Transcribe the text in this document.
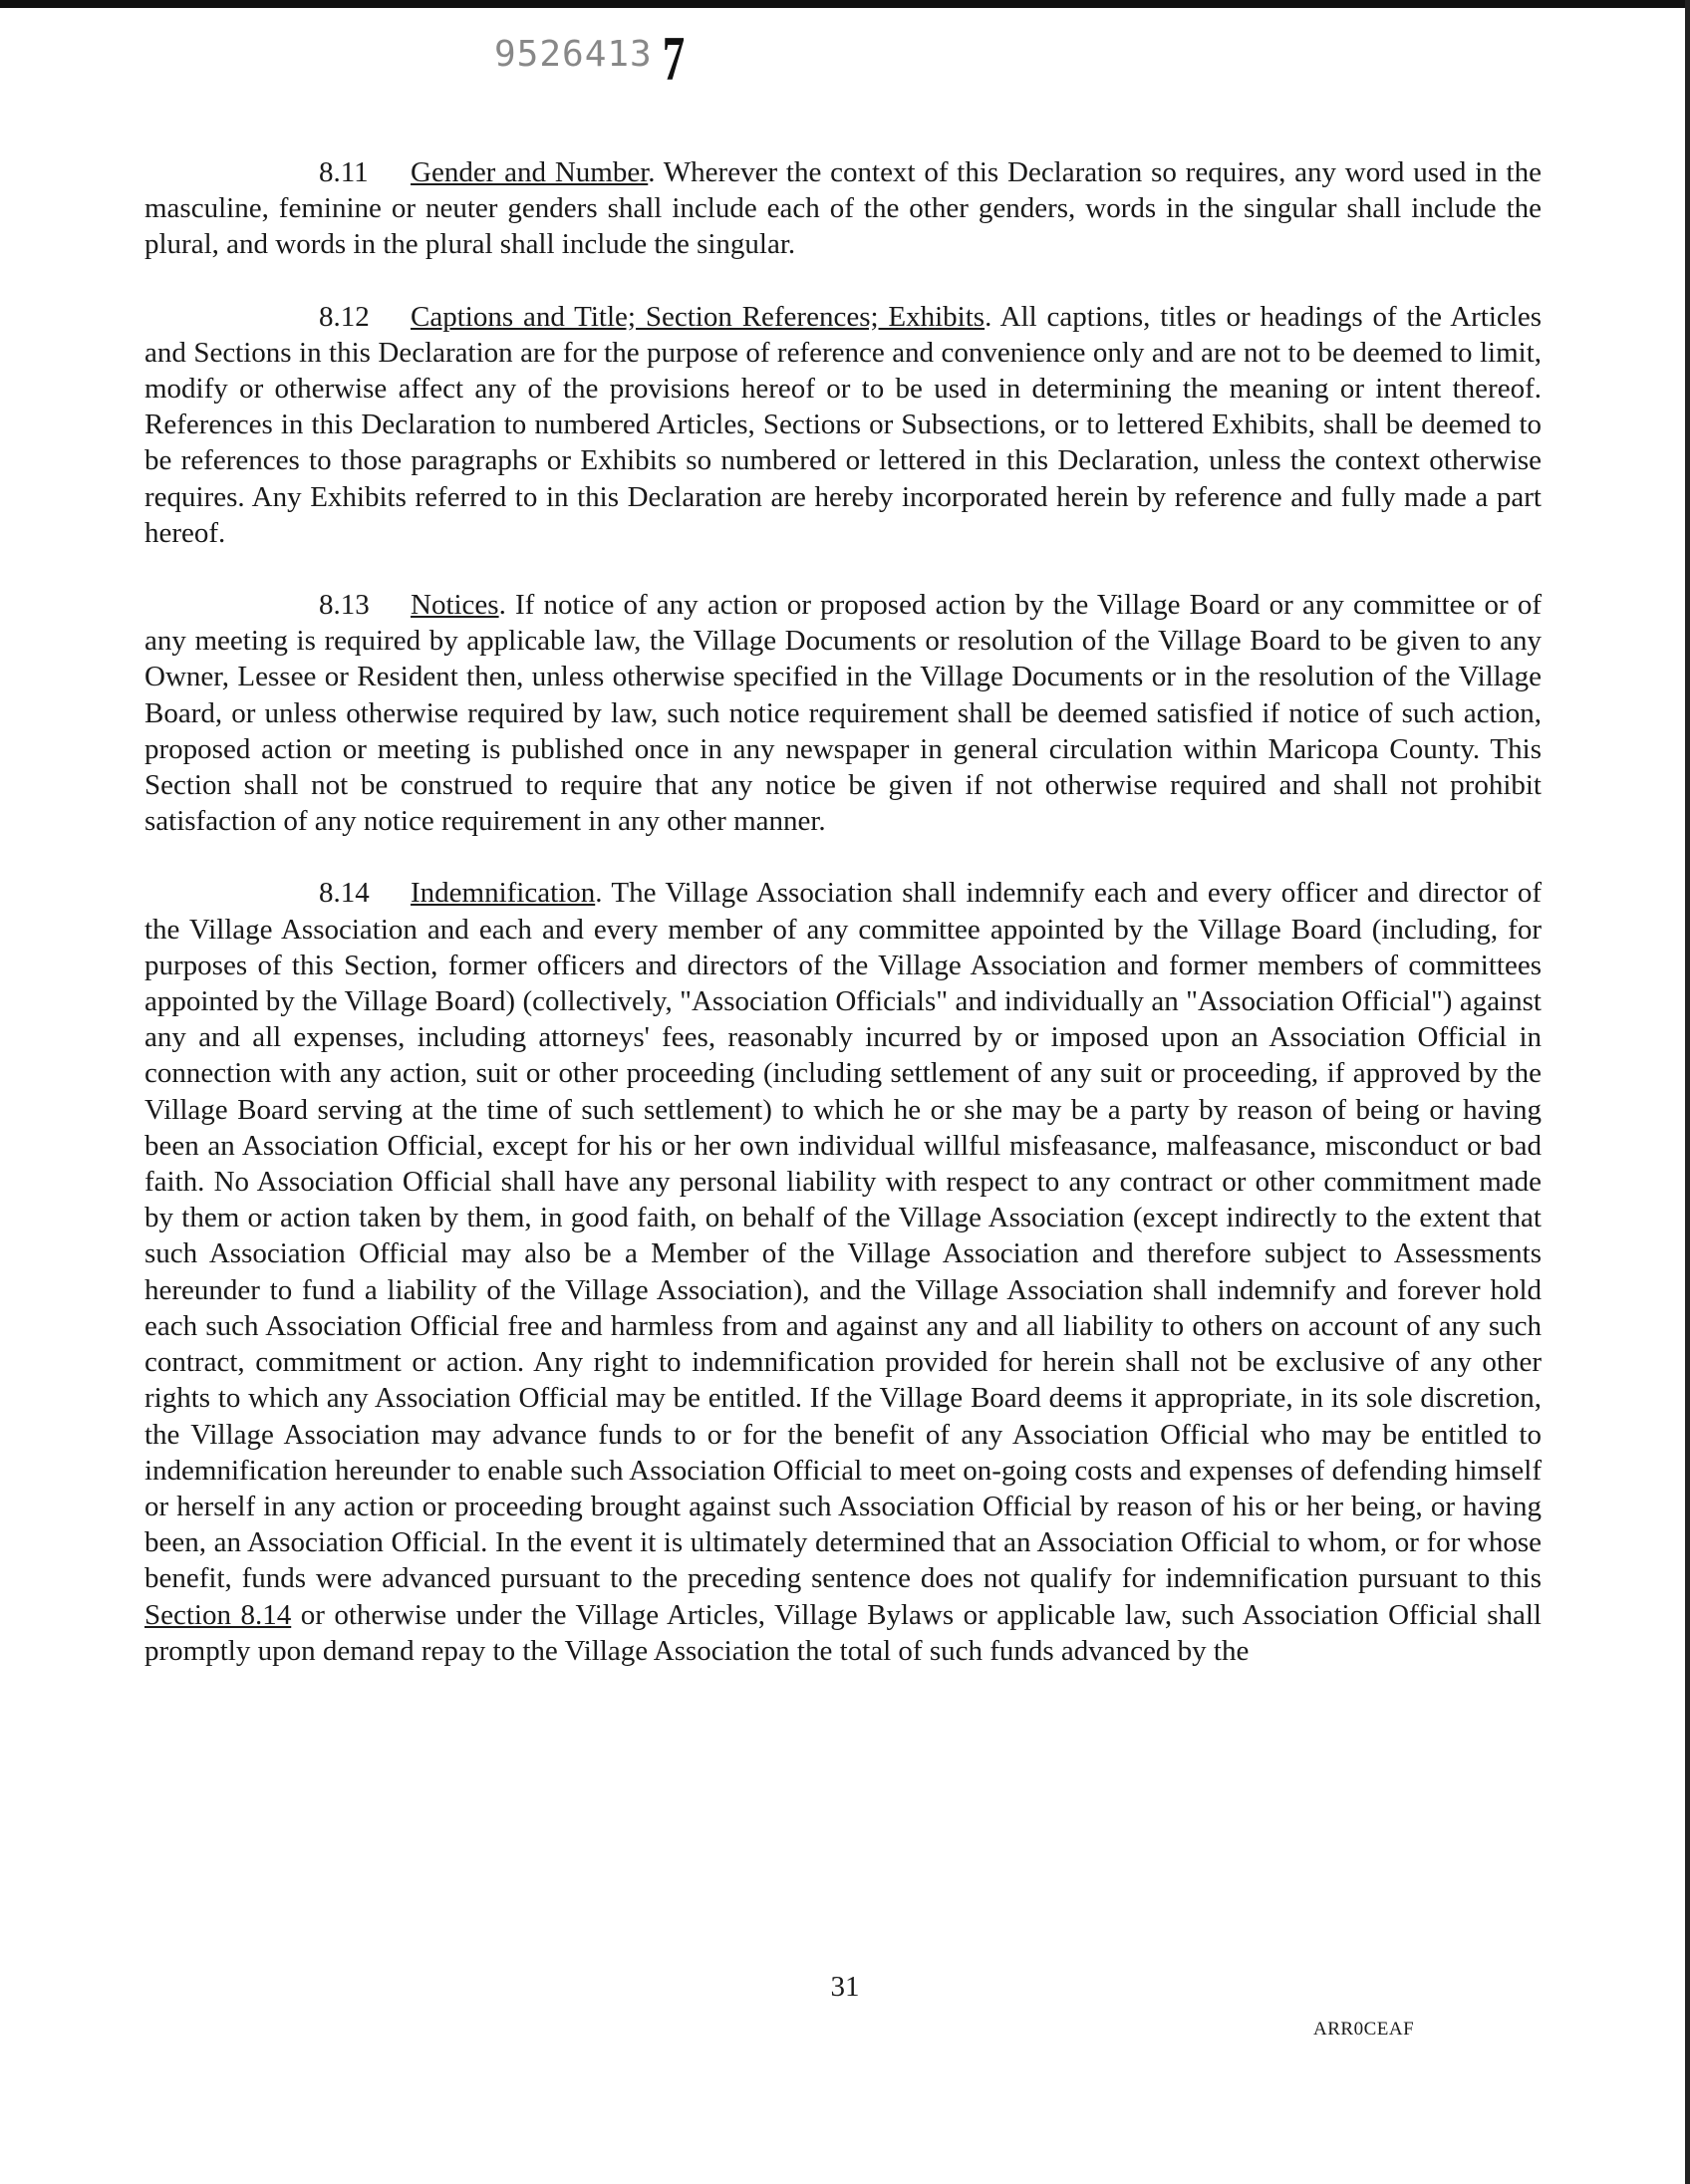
9526413 7

8.11 Gender and Number. Wherever the context of this Declaration so requires, any word used in the masculine, feminine or neuter genders shall include each of the other genders, words in the singular shall include the plural, and words in the plural shall include the singular.

8.12 Captions and Title; Section References; Exhibits. All captions, titles or headings of the Articles and Sections in this Declaration are for the purpose of reference and convenience only and are not to be deemed to limit, modify or otherwise affect any of the provisions hereof or to be used in determining the meaning or intent thereof. References in this Declaration to numbered Articles, Sections or Subsections, or to lettered Exhibits, shall be deemed to be references to those paragraphs or Exhibits so numbered or lettered in this Declaration, unless the context otherwise requires. Any Exhibits referred to in this Declaration are hereby incorporated herein by reference and fully made a part hereof.

8.13 Notices. If notice of any action or proposed action by the Village Board or any committee or of any meeting is required by applicable law, the Village Documents or resolution of the Village Board to be given to any Owner, Lessee or Resident then, unless otherwise specified in the Village Documents or in the resolution of the Village Board, or unless otherwise required by law, such notice requirement shall be deemed satisfied if notice of such action, proposed action or meeting is published once in any newspaper in general circulation within Maricopa County. This Section shall not be construed to require that any notice be given if not otherwise required and shall not prohibit satisfaction of any notice requirement in any other manner.

8.14 Indemnification. The Village Association shall indemnify each and every officer and director of the Village Association and each and every member of any committee appointed by the Village Board (including, for purposes of this Section, former officers and directors of the Village Association and former members of committees appointed by the Village Board) (collectively, "Association Officials" and individually an "Association Official") against any and all expenses, including attorneys' fees, reasonably incurred by or imposed upon an Association Official in connection with any action, suit or other proceeding (including settlement of any suit or proceeding, if approved by the Village Board serving at the time of such settlement) to which he or she may be a party by reason of being or having been an Association Official, except for his or her own individual willful misfeasance, malfeasance, misconduct or bad faith. No Association Official shall have any personal liability with respect to any contract or other commitment made by them or action taken by them, in good faith, on behalf of the Village Association (except indirectly to the extent that such Association Official may also be a Member of the Village Association and therefore subject to Assessments hereunder to fund a liability of the Village Association), and the Village Association shall indemnify and forever hold each such Association Official free and harmless from and against any and all liability to others on account of any such contract, commitment or action. Any right to indemnification provided for herein shall not be exclusive of any other rights to which any Association Official may be entitled. If the Village Board deems it appropriate, in its sole discretion, the Village Association may advance funds to or for the benefit of any Association Official who may be entitled to indemnification hereunder to enable such Association Official to meet on-going costs and expenses of defending himself or herself in any action or proceeding brought against such Association Official by reason of his or her being, or having been, an Association Official. In the event it is ultimately determined that an Association Official to whom, or for whose benefit, funds were advanced pursuant to the preceding sentence does not qualify for indemnification pursuant to this Section 8.14 or otherwise under the Village Articles, Village Bylaws or applicable law, such Association Official shall promptly upon demand repay to the Village Association the total of such funds advanced by the

31
ARR0CEAF
